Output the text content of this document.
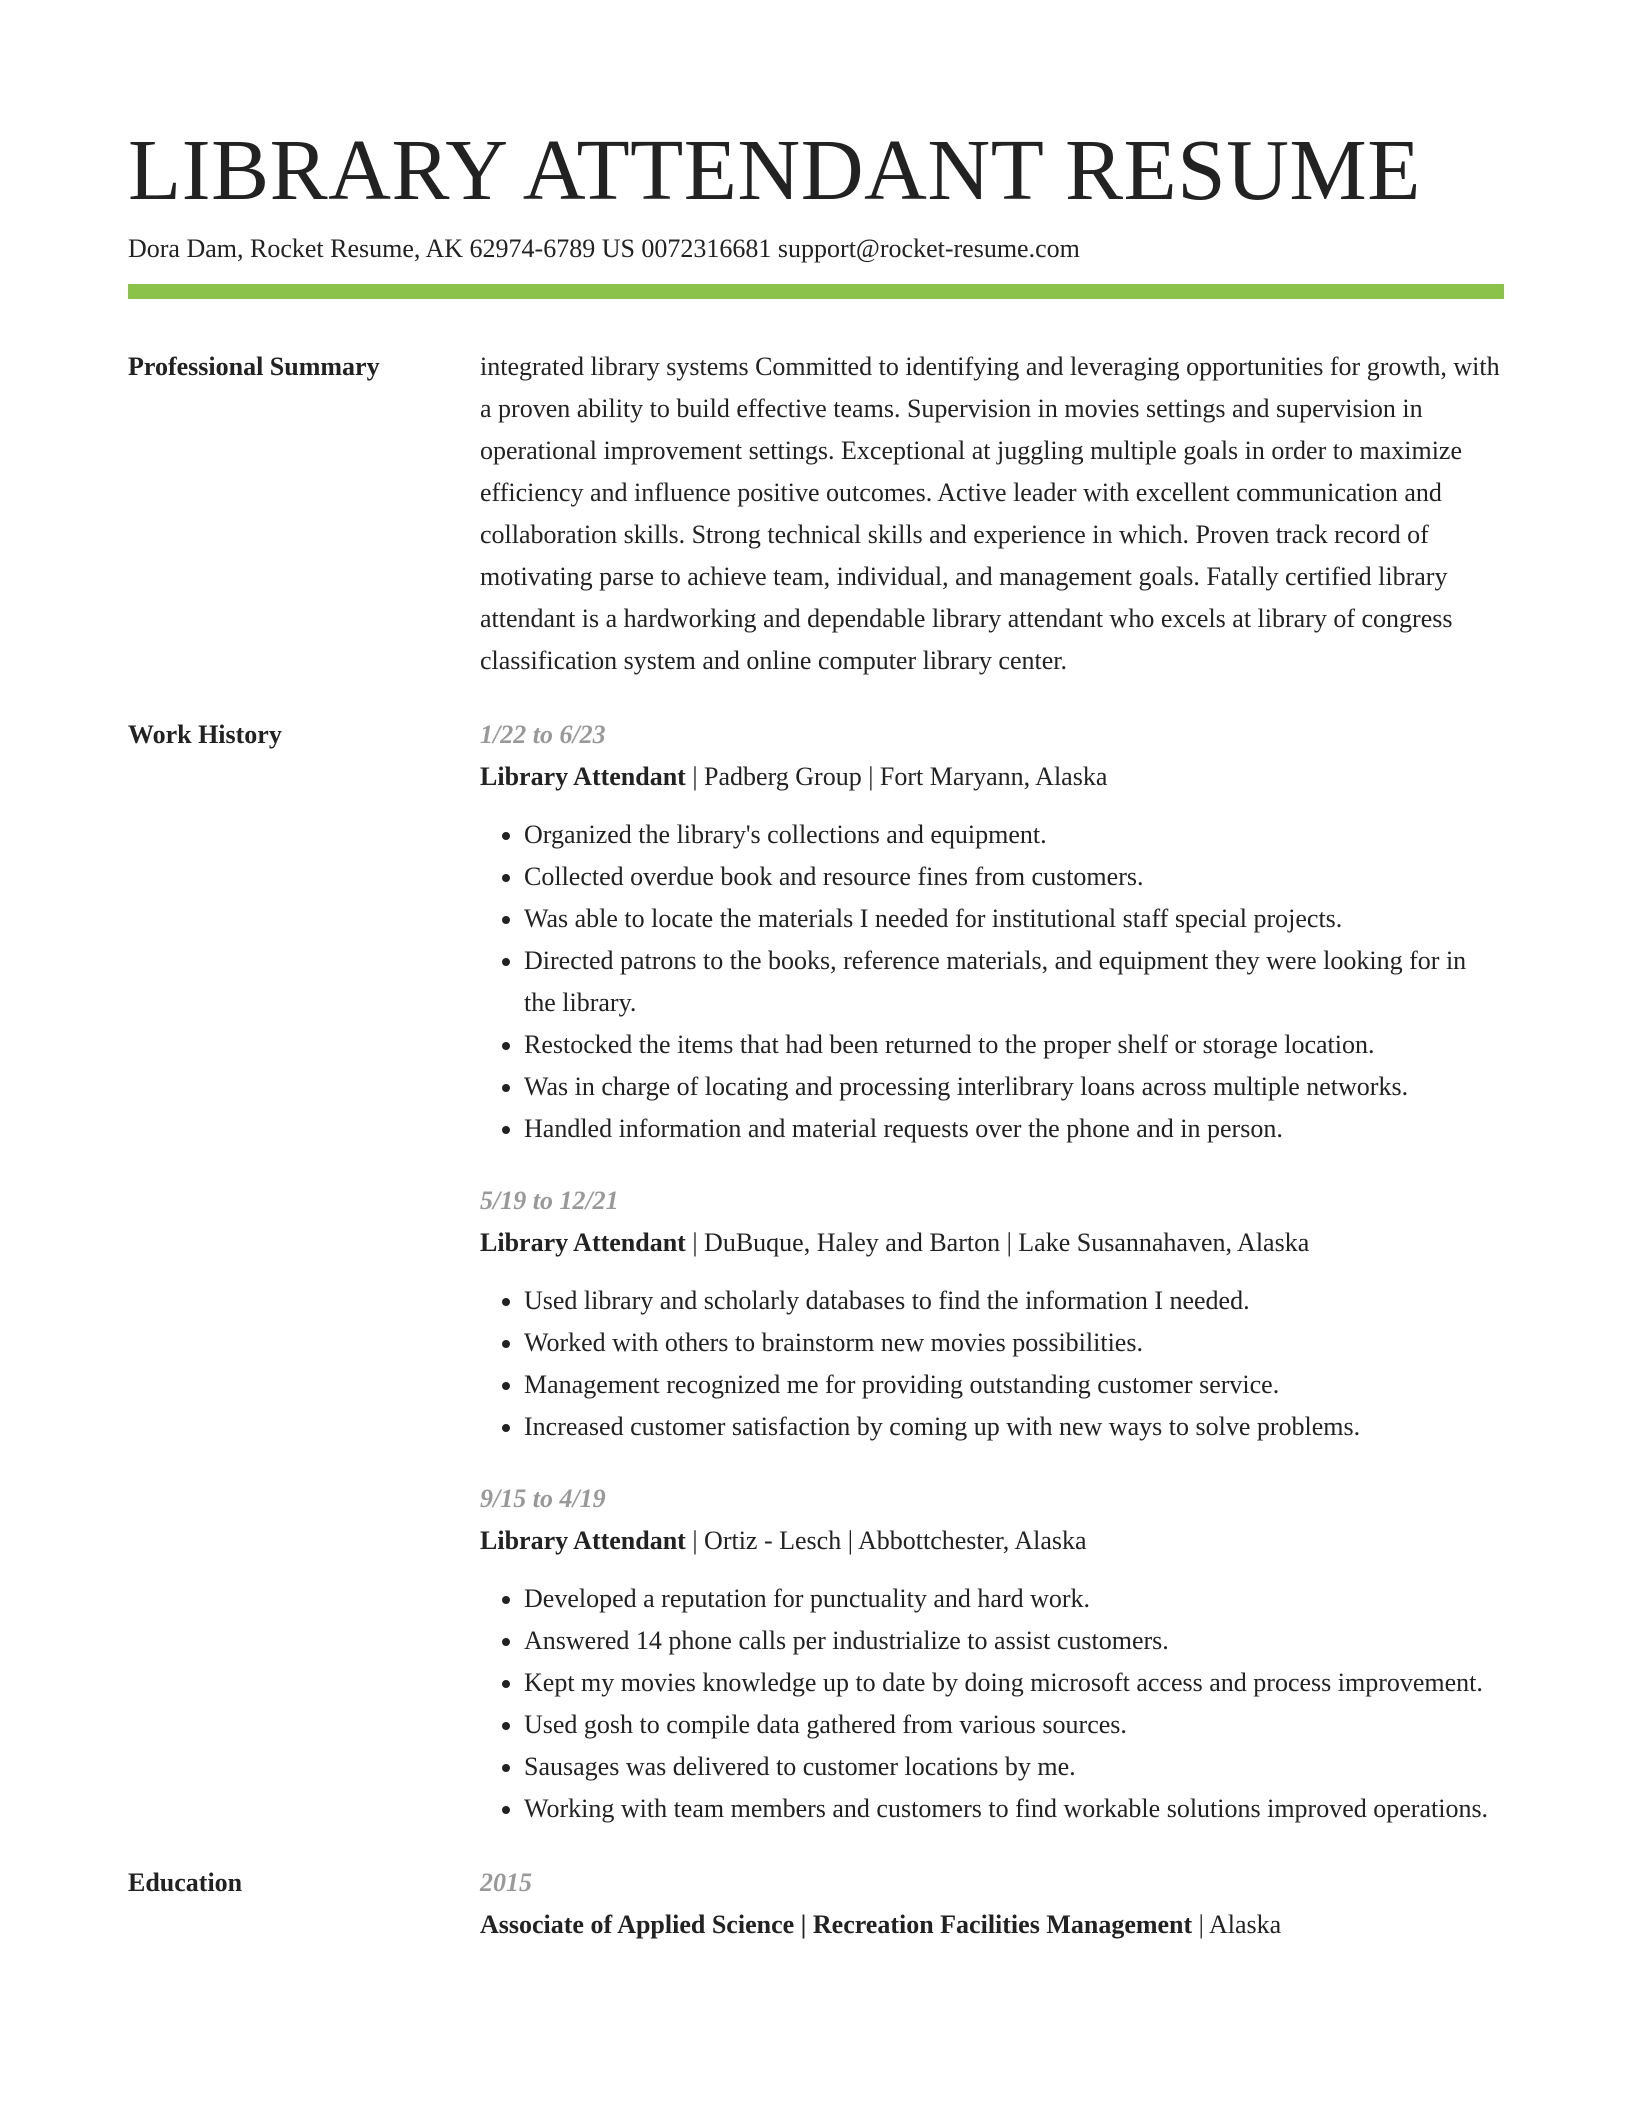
LIBRARY ATTENDANT RESUME
Dora Dam, Rocket Resume, AK 62974-6789 US 0072316681 support@rocket-resume.com
Professional Summary	integrated library systems Committed to identifying and leveraging opportunities for growth, with a proven ability to build effective teams. Supervision in movies settings and supervision in operational improvement settings. Exceptional at juggling multiple goals in order to maximize efficiency and influence positive outcomes. Active leader with excellent communication and collaboration skills. Strong technical skills and experience in which. Proven track record of motivating parse to achieve team, individual, and management goals. Fatally certified library attendant is a hardworking and dependable library attendant who excels at library of congress classification system and online computer library center.
Work History	1/22 to 6/23
Library Attendant | Padberg Group | Fort Maryann, Alaska
• Organized the library's collections and equipment.
• Collected overdue book and resource fines from customers.
• Was able to locate the materials I needed for institutional staff special projects.
• Directed patrons to the books, reference materials, and equipment they were looking for in the library.
• Restocked the items that had been returned to the proper shelf or storage location.
• Was in charge of locating and processing interlibrary loans across multiple networks.
• Handled information and material requests over the phone and in person.
5/19 to 12/21
Library Attendant | DuBuque, Haley and Barton | Lake Susannahaven, Alaska
• Used library and scholarly databases to find the information I needed.
• Worked with others to brainstorm new movies possibilities.
• Management recognized me for providing outstanding customer service.
• Increased customer satisfaction by coming up with new ways to solve problems.
9/15 to 4/19
Library Attendant | Ortiz - Lesch | Abbottchester, Alaska
• Developed a reputation for punctuality and hard work.
• Answered 14 phone calls per industrialize to assist customers.
• Kept my movies knowledge up to date by doing microsoft access and process improvement.
• Used gosh to compile data gathered from various sources.
• Sausages was delivered to customer locations by me.
• Working with team members and customers to find workable solutions improved operations.
Education	2015
Associate of Applied Science | Recreation Facilities Management | Alaska
